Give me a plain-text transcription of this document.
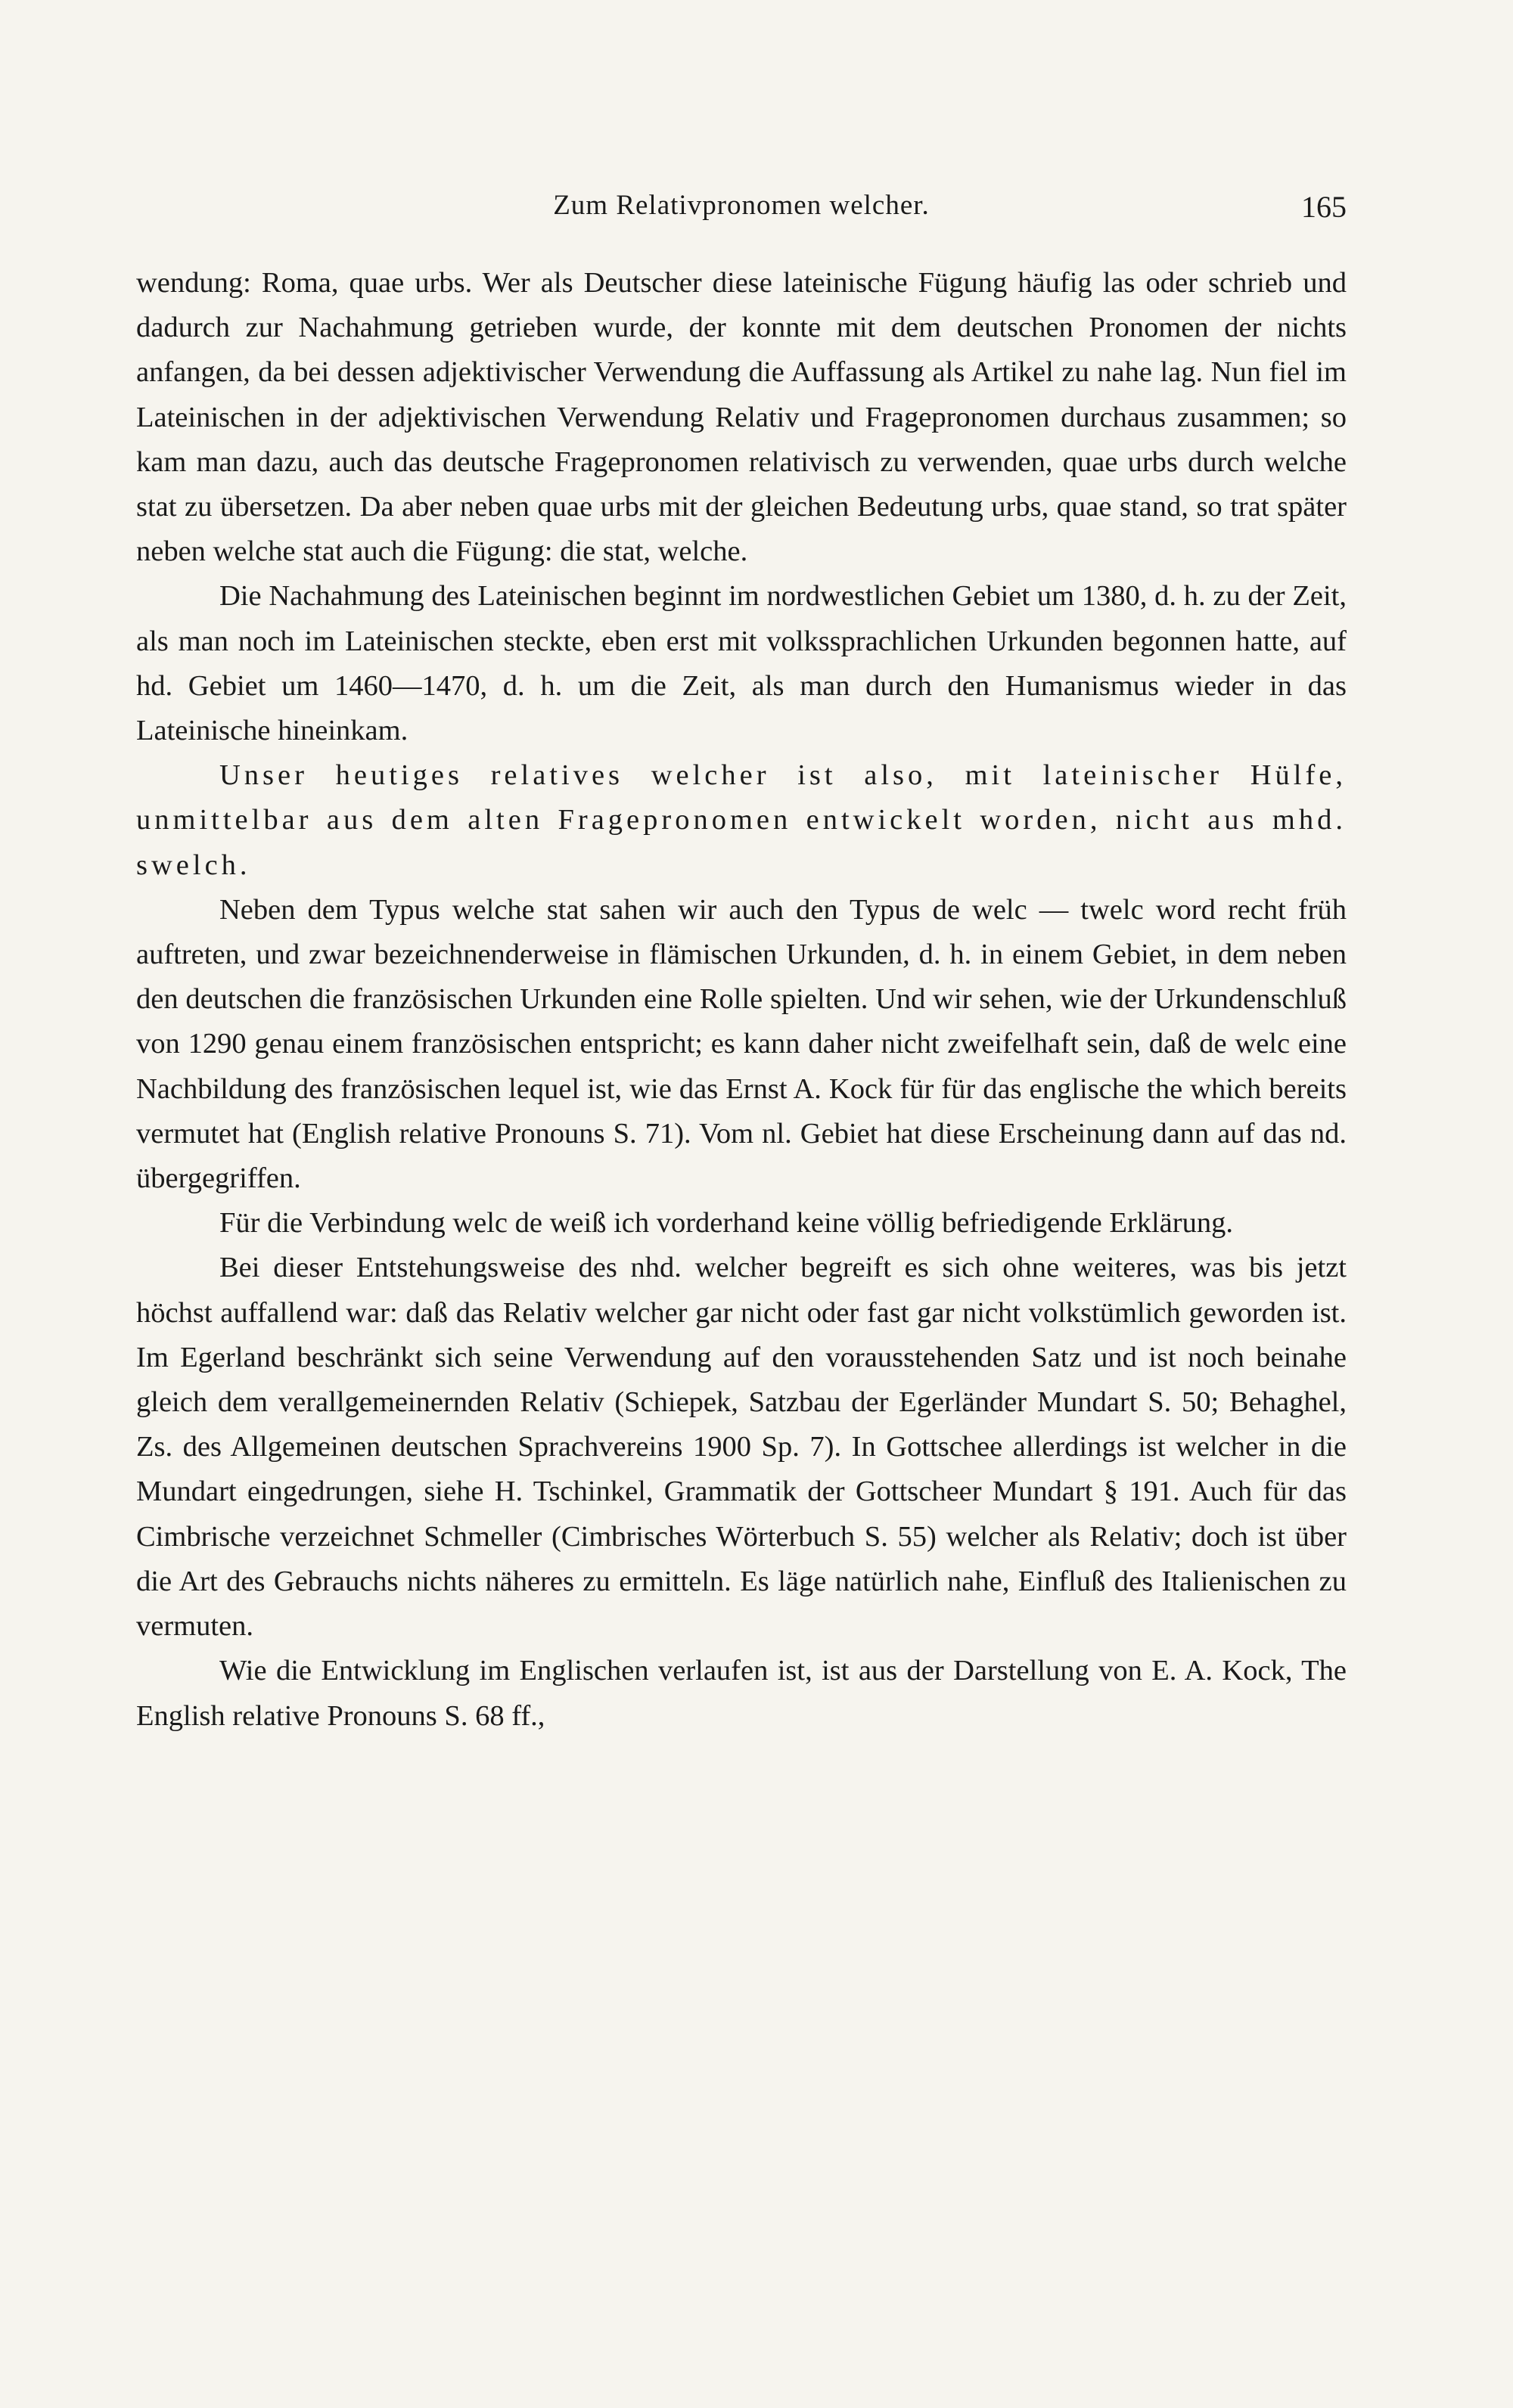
Zum Relativpronomen welcher.	165

wendung: Roma, quae urbs. Wer als Deutscher diese lateinische Fügung häufig las oder schrieb und dadurch zur Nachahmung getrieben wurde, der konnte mit dem deutschen Pronomen der nichts anfangen, da bei dessen adjektivischer Verwendung die Auffassung als Artikel zu nahe lag. Nun fiel im Lateinischen in der adjektivischen Verwendung Relativ und Fragepronomen durchaus zusammen; so kam man dazu, auch das deutsche Fragepronomen relativisch zu verwenden, quae urbs durch welche stat zu übersetzen. Da aber neben quae urbs mit der gleichen Bedeutung urbs, quae stand, so trat später neben welche stat auch die Fügung: die stat, welche.

Die Nachahmung des Lateinischen beginnt im nordwestlichen Gebiet um 1380, d. h. zu der Zeit, als man noch im Lateinischen steckte, eben erst mit volkssprachlichen Urkunden begonnen hatte, auf hd. Gebiet um 1460—1470, d. h. um die Zeit, als man durch den Humanismus wieder in das Lateinische hineinkam.

Unser heutiges relatives welcher ist also, mit lateinischer Hülfe, unmittelbar aus dem alten Fragepronomen entwickelt worden, nicht aus mhd. swelch.

Neben dem Typus welche stat sahen wir auch den Typus de welc — twelc word recht früh auftreten, und zwar bezeichnenderweise in flämischen Urkunden, d. h. in einem Gebiet, in dem neben den deutschen die französischen Urkunden eine Rolle spielten. Und wir sehen, wie der Urkundenschluß von 1290 genau einem französischen entspricht; es kann daher nicht zweifelhaft sein, daß de welc eine Nachbildung des französischen lequel ist, wie das Ernst A. Kock für für das englische the which bereits vermutet hat (English relative Pronouns S. 71). Vom nl. Gebiet hat diese Erscheinung dann auf das nd. übergegriffen.

Für die Verbindung welc de weiß ich vorderhand keine völlig befriedigende Erklärung.

Bei dieser Entstehungsweise des nhd. welcher begreift es sich ohne weiteres, was bis jetzt höchst auffallend war: daß das Relativ welcher gar nicht oder fast gar nicht volkstümlich geworden ist. Im Egerland beschränkt sich seine Verwendung auf den vorausstehenden Satz und ist noch beinahe gleich dem verallgemeinernden Relativ (Schiepek, Satzbau der Egerländer Mundart S. 50; Behaghel, Zs. des Allgemeinen deutschen Sprachvereins 1900 Sp. 7). In Gottschee allerdings ist welcher in die Mundart eingedrungen, siehe H. Tschinkel, Grammatik der Gottscheer Mundart § 191. Auch für das Cimbrische verzeichnet Schmeller (Cimbrisches Wörterbuch S. 55) welcher als Relativ; doch ist über die Art des Gebrauchs nichts näheres zu ermitteln. Es läge natürlich nahe, Einfluß des Italienischen zu vermuten.

Wie die Entwicklung im Englischen verlaufen ist, ist aus der Darstellung von E. A. Kock, The English relative Pronouns S. 68 ff.,
